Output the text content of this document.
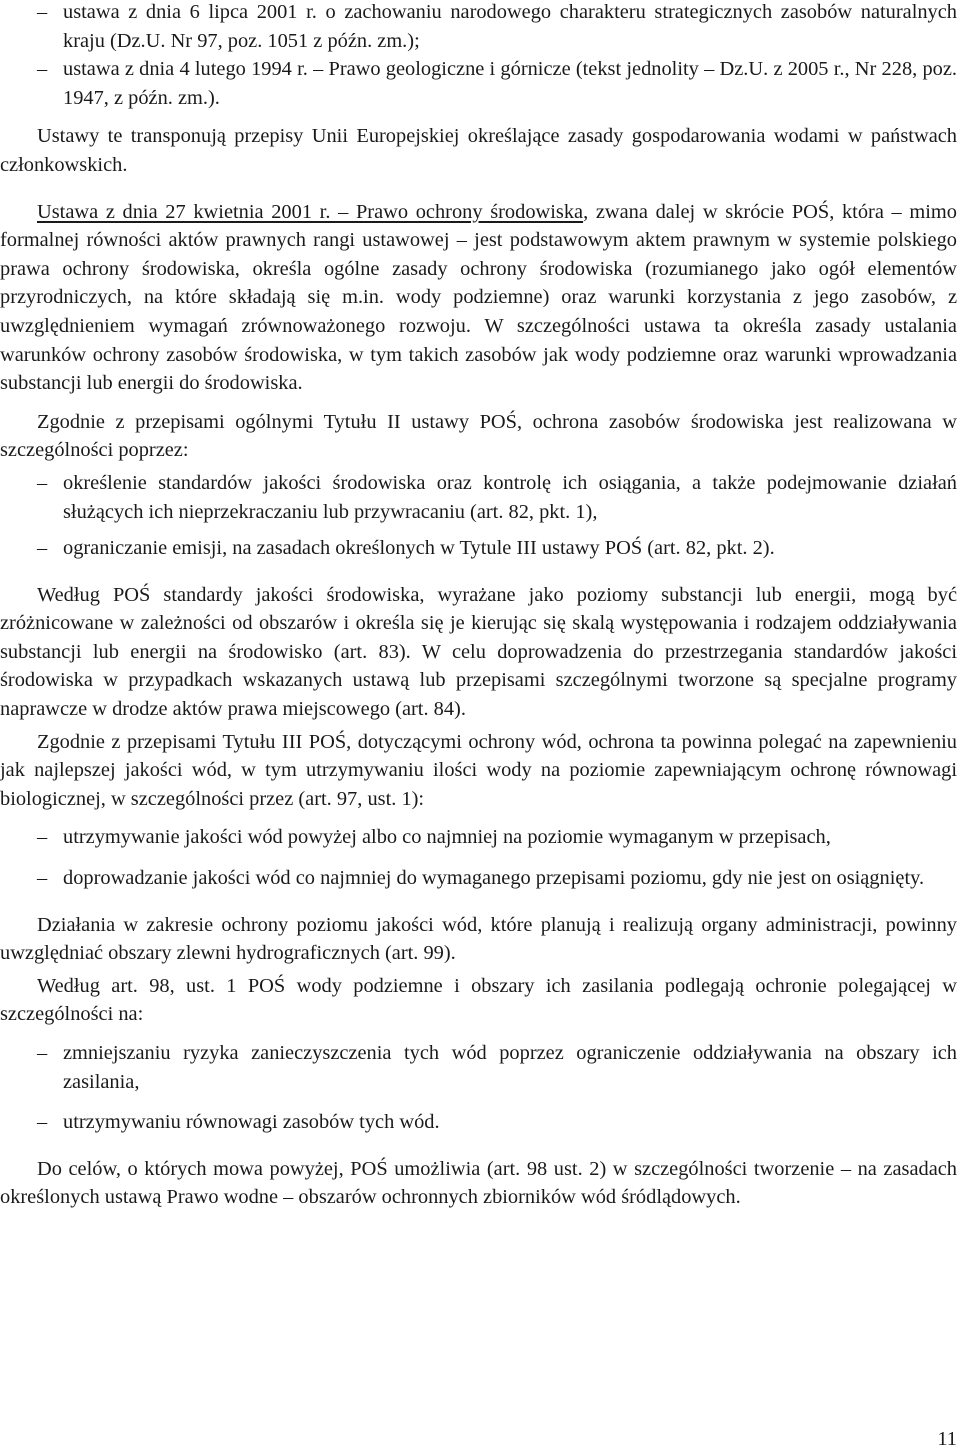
– ustawa z dnia 6 lipca 2001 r. o zachowaniu narodowego charakteru strategicznych zasobów naturalnych kraju (Dz.U. Nr 97, poz. 1051 z późn. zm.);
– ustawa z dnia 4 lutego 1994 r. – Prawo geologiczne i górnicze (tekst jednolity – Dz.U. z 2005 r., Nr 228, poz. 1947, z późn. zm.).

Ustawy te transponują przepisy Unii Europejskiej określające zasady gospodarowania wodami w państwach członkowskich.

Ustawa z dnia 27 kwietnia 2001 r. – Prawo ochrony środowiska, zwana dalej w skrócie POŚ, która – mimo formalnej równości aktów prawnych rangi ustawowej – jest podstawowym aktem prawnym w systemie polskiego prawa ochrony środowiska, określa ogólne zasady ochrony środowiska (rozumianego jako ogół elementów przyrodniczych, na które składają się m.in. wody podziemne) oraz warunki korzystania z jego zasobów, z uwzględnieniem wymagań zrównoważonego rozwoju. W szczególności ustawa ta określa zasady ustalania warunków ochrony zasobów środowiska, w tym takich zasobów jak wody podziemne oraz warunki wprowadzania substancji lub energii do środowiska.

Zgodnie z przepisami ogólnymi Tytułu II ustawy POŚ, ochrona zasobów środowiska jest realizowana w szczególności poprzez:

– określenie standardów jakości środowiska oraz kontrolę ich osiągania, a także podejmowanie działań służących ich nieprzekraczaniu lub przywracaniu (art. 82, pkt. 1),
– ograniczanie emisji, na zasadach określonych w Tytule III ustawy POŚ (art. 82, pkt. 2).

Według POŚ standardy jakości środowiska, wyrażane jako poziomy substancji lub energii, mogą być zróżnicowane w zależności od obszarów i określa się je kierując się skalą występowania i rodzajem oddziaływania substancji lub energii na środowisko (art. 83). W celu doprowadzenia do przestrzegania standardów jakości środowiska w przypadkach wskazanych ustawą lub przepisami szczególnymi tworzone są specjalne programy naprawcze w drodze aktów prawa miejscowego (art. 84).

Zgodnie z przepisami Tytułu III POŚ, dotyczącymi ochrony wód, ochrona ta powinna polegać na zapewnieniu jak najlepszej jakości wód, w tym utrzymywaniu ilości wody na poziomie zapewniającym ochronę równowagi biologicznej, w szczególności przez (art. 97, ust. 1):

– utrzymywanie jakości wód powyżej albo co najmniej na poziomie wymaganym w przepisach,
– doprowadzanie jakości wód co najmniej do wymaganego przepisami poziomu, gdy nie jest on osiągnięty.

Działania w zakresie ochrony poziomu jakości wód, które planują i realizują organy administracji, powinny uwzględniać obszary zlewni hydrograficznych (art. 99).

Według art. 98, ust. 1 POŚ wody podziemne i obszary ich zasilania podlegają ochronie polegającej w szczególności na:

– zmniejszaniu ryzyka zanieczyszczenia tych wód poprzez ograniczenie oddziaływania na obszary ich zasilania,
– utrzymywaniu równowagi zasobów tych wód.

Do celów, o których mowa powyżej, POŚ umożliwia (art. 98 ust. 2) w szczególności tworzenie – na zasadach określonych ustawą Prawo wodne – obszarów ochronnych zbiorników wód śródlądowych.

11
